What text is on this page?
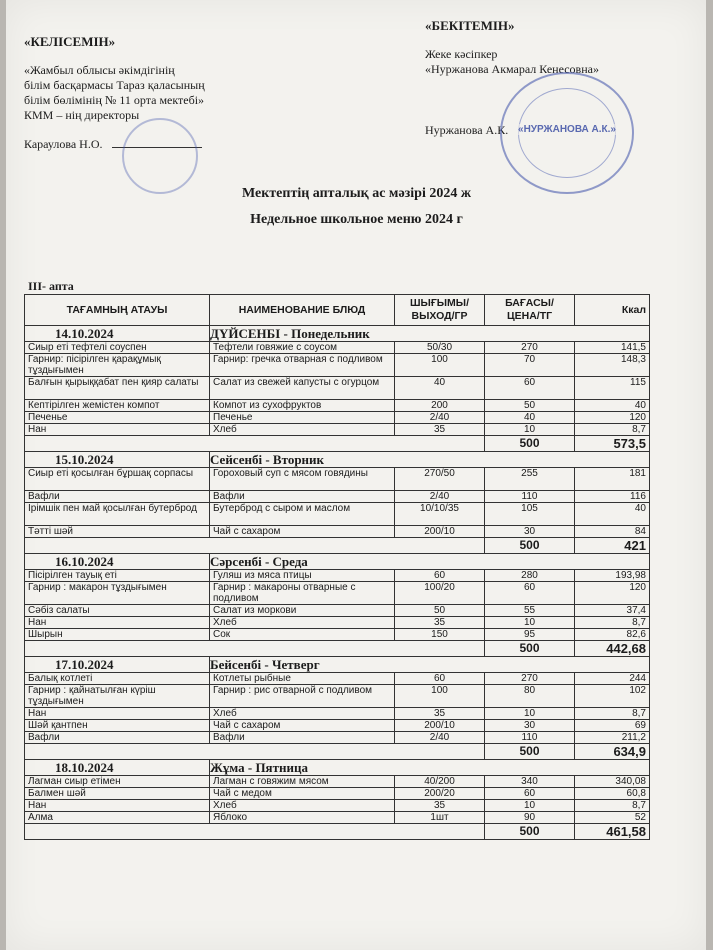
«КЕЛІСЕМІН»
«Жамбыл облысы әкімдігінің
білім басқармасы Тараз қаласының
білім бөлімінің № 11 орта мектебі»
КММ – нің директоры
Караулова Н.О.
«БЕКІТЕМІН»
Жеке кәсіпкер
«Нуржанова Акмарал Кенесовна»
Нуржанова А.К. «НУРЖАНОВА А.К.»
Мектептің апталық ас мәзірі 2024 ж
Недельное школьное меню 2024 г
III- апта
ТАҒАМНЫҢ АТАУЫ	НАИМЕНОВАНИЕ БЛЮД	ШЫҒЫМЫ/ ВЫХОД/ГР	БАҒАСЫ/ ЦЕНА/ТГ	Ккал
14.10.2024	ДҮЙСЕНБІ - Понедельник			
Сиыр еті тефтелі соуспен	Тефтели говяжие с соусом	50/30	270	141,5
Гарнир: пісірілген қарақұмық тұздығымен	Гарнир: гречка отварная с подливом	100	70	148,3
Балғын қырыққабат пен қияр салаты	Салат из свежей капусты с огурцом	40	60	115
Кептірілген жемістен компот	Компот из сухофруктов	200	50	40
Печенье	Печенье	2/40	40	120
Нан	Хлеб	35	10	8,7
			500	573,5
15.10.2024	Сейсенбі - Вторник			
Сиыр еті қосылған бұршақ сорпасы	Гороховый суп с мясом говядины	270/50	255	181
Вафли	Вафли	2/40	110	116
Ірімшік пен май қосылған бутерброд	Бутерброд с сыром и маслом	10/10/35	105	40
Тәтті шәй	Чай с сахаром	200/10	30	84
			500	421
16.10.2024	Сәрсенбі - Среда			
Пісірілген тауық еті	Гуляш из мяса птицы	60	280	193,98
Гарнир : макарон тұздығымен	Гарнир : макароны отварные с подливом	100/20	60	120
Сәбіз салаты	Салат из моркови	50	55	37,4
Нан	Хлеб	35	10	8,7
Шырын	Сок	150	95	82,6
			500	442,68
17.10.2024	Бейсенбі - Четверг			
Балық котлеті	Котлеты рыбные	60	270	244
Гарнир : қайнатылған күріш тұздығымен	Гарнир : рис отварной с подливом	100	80	102
Нан	Хлеб	35	10	8,7
Шәй қантпен	Чай с сахаром	200/10	30	69
Вафли	Вафли	2/40	110	211,2
			500	634,9
18.10.2024	Жұма - Пятница			
Лагман сиыр етімен	Лагман с говяжим мясом	40/200	340	340,08
Балмен шәй	Чай с медом	200/20	60	60,8
Нан	Хлеб	35	10	8,7
Алма	Яблоко	1шт	90	52
			500	461,58
